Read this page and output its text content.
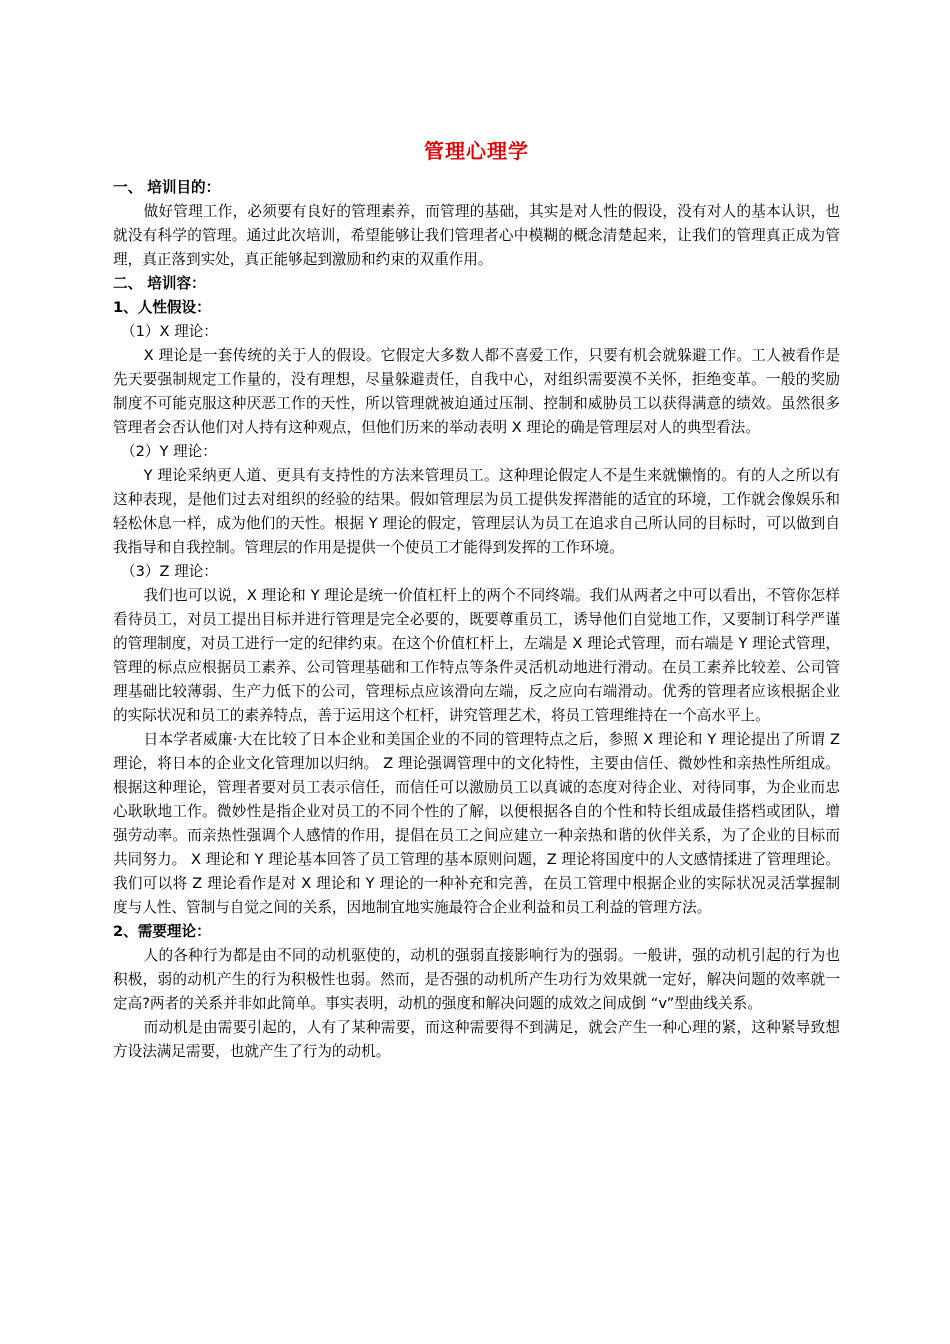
管理心理学

一、 培训目的：

做好管理工作，必须要有良好的管理素养，而管理的基础，其实是对人性的假设，没有对人的基本认识，也就没有科学的管理。通过此次培训，希望能够让我们管理者心中模糊的概念清楚起来，让我们的管理真正成为管理，真正落到实处，真正能够起到激励和约束的双重作用。

二、 培训容：

1、人性假设：

（1）X 理论：

X 理论是一套传统的关于人的假设。它假定大多数人都不喜爱工作，只要有机会就躲避工作。工人被看作是先天要强制规定工作量的，没有理想，尽量躲避责任，自我中心，对组织需要漠不关怀，拒绝变革。一般的奖励制度不可能克服这种厌恶工作的天性，所以管理就被迫通过压制、控制和威胁员工以获得满意的绩效。虽然很多管理者会否认他们对人持有这种观点，但他们历来的举动表明 X 理论的确是管理层对人的典型看法。

（2）Y 理论：

Y 理论采纳更人道、更具有支持性的方法来管理员工。这种理论假定人不是生来就懒惰的。有的人之所以有这种表现，是他们过去对组织的经验的结果。假如管理层为员工提供发挥潜能的适宜的环境，工作就会像娱乐和轻松休息一样，成为他们的天性。根据 Y 理论的假定，管理层认为员工在追求自己所认同的目标时，可以做到自我指导和自我控制。管理层的作用是提供一个使员工才能得到发挥的工作环境。

（3）Z 理论：

我们也可以说，X 理论和 Y 理论是统一价值杠杆上的两个不同终端。我们从两者之中可以看出，不管你怎样看待员工，对员工提出目标并进行管理是完全必要的，既要尊重员工，诱导他们自觉地工作，又要制订科学严谨的管理制度，对员工进行一定的纪律约束。在这个价值杠杆上，左端是 X 理论式管理，而右端是 Y 理论式管理，管理的标点应根据员工素养、公司管理基础和工作特点等条件灵活机动地进行滑动。在员工素养比较差、公司管理基础比较薄弱、生产力低下的公司，管理标点应该滑向左端，反之应向右端滑动。优秀的管理者应该根据企业的实际状况和员工的素养特点，善于运用这个杠杆，讲究管理艺术，将员工管理维持在一个高水平上。

日本学者威廉·大在比较了日本企业和美国企业的不同的管理特点之后，参照 X 理论和 Y 理论提出了所谓 Z 理论，将日本的企业文化管理加以归纳。 Z 理论强调管理中的文化特性，主要由信任、微妙性和亲热性所组成。根据这种理论，管理者要对员工表示信任，而信任可以激励员工以真诚的态度对待企业、对待同事，为企业而忠心耿耿地工作。微妙性是指企业对员工的不同个性的了解，以便根据各自的个性和特长组成最佳搭档或团队，增强劳动率。而亲热性强调个人感情的作用，提倡在员工之间应建立一种亲热和谐的伙伴关系，为了企业的目标而共同努力。 X 理论和 Y 理论基本回答了员工管理的基本原则问题，Z 理论将国度中的人文感情揉进了管理理论。我们可以将 Z 理论看作是对 X 理论和 Y 理论的一种补充和完善，在员工管理中根据企业的实际状况灵活掌握制度与人性、管制与自觉之间的关系，因地制宜地实施最符合企业利益和员工利益的管理方法。

2、需要理论：

人的各种行为都是由不同的动机驱使的，动机的强弱直接影响行为的强弱。一般讲，强的动机引起的行为也积极，弱的动机产生的行为积极性也弱。然而，是否强的动机所产生功行为效果就一定好，解决问题的效率就一定高?两者的关系并非如此简单。事实表明，动机的强度和解决问题的成效之间成倒 “v”型曲线关系。

而动机是由需要引起的，人有了某种需要，而这种需要得不到满足，就会产生一种心理的紧，这种紧导致想方设法满足需要，也就产生了行为的动机。
